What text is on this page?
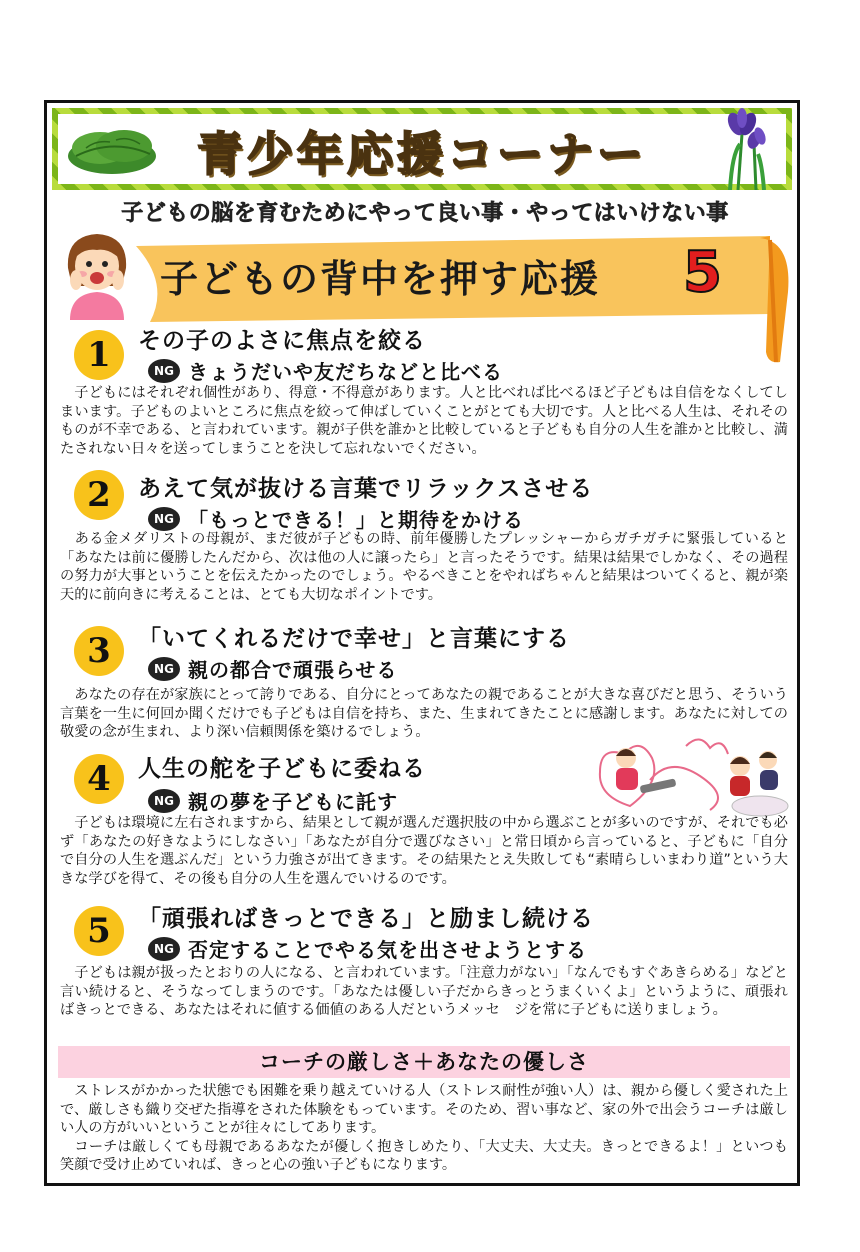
青少年応援コーナー
子どもの脳を育むためにやって良い事・やってはいけない事
子どもの背中を押す応援	5
1	その子のよさに焦点を絞る
NG きょうだいや友だちなどと比べる
　子どもにはそれぞれ個性があり、得意・不得意があります。人と比べれば比べるほど子どもは自信をなくしてしまいます。子どものよいところに焦点を絞って伸ばしていくことがとても大切です。人と比べる人生は、それそのものが不幸である、と言われています。親が子供を誰かと比較していると子どもも自分の人生を誰かと比較し、満たされない日々を送ってしまうことを決して忘れないでください。
2	あえて気が抜ける言葉でリラックスさせる
NG 「もっとできる！」と期待をかける
　ある金メダリストの母親が、まだ彼が子どもの時、前年優勝したプレッシャーからガチガチに緊張していると「あなたは前に優勝したんだから、次は他の人に譲ったら」と言ったそうです。結果は結果でしかなく、その過程の努力が大事ということを伝えたかったのでしょう。やるべきことをやればちゃんと結果はついてくると、親が楽天的に前向きに考えることは、とても大切なポイントです。
3	「いてくれるだけで幸せ」と言葉にする
NG 親の都合で頑張らせる
　あなたの存在が家族にとって誇りである、自分にとってあなたの親であることが大きな喜びだと思う、そういう言葉を一生に何回か聞くだけでも子どもは自信を持ち、また、生まれてきたことに感謝します。あなたに対しての敬愛の念が生まれ、より深い信頼関係を築けるでしょう。
4	人生の舵を子どもに委ねる
NG 親の夢を子どもに託す
　子どもは環境に左右されますから、結果として親が選んだ選択肢の中から選ぶことが多いのですが、それでも必ず「あなたの好きなようにしなさい」「あなたが自分で選びなさい」と常日頃から言っていると、子どもに「自分で自分の人生を選ぶんだ」という力強さが出てきます。その結果たとえ失敗しても“素晴らしいまわり道”という大きな学びを得て、その後も自分の人生を選んでいけるのです。
5	「頑張ればきっとできる」と励まし続ける
NG 否定することでやる気を出させようとする
　子どもは親が扱ったとおりの人になる、と言われています。「注意力がない」「なんでもすぐあきらめる」などと言い続けると、そうなってしまうのです。「あなたは優しい子だからきっとうまくいくよ」というように、頑張ればきっとできる、あなたはそれに値する価値のある人だというメッセ　ジを常に子どもに送りましょう。
コーチの厳しさ＋あなたの優しさ
　ストレスがかかった状態でも困難を乗り越えていける人（ストレス耐性が強い人）は、親から優しく愛された上で、厳しさも織り交ぜた指導をされた体験をもっています。そのため、習い事など、家の外で出会うコーチは厳しい人の方がいいということが往々にしてあります。
　コーチは厳しくても母親であるあなたが優しく抱きしめたり、「大丈夫、大丈夫。きっとできるよ！」といつも笑顔で受け止めていれば、きっと心の強い子どもになります。
